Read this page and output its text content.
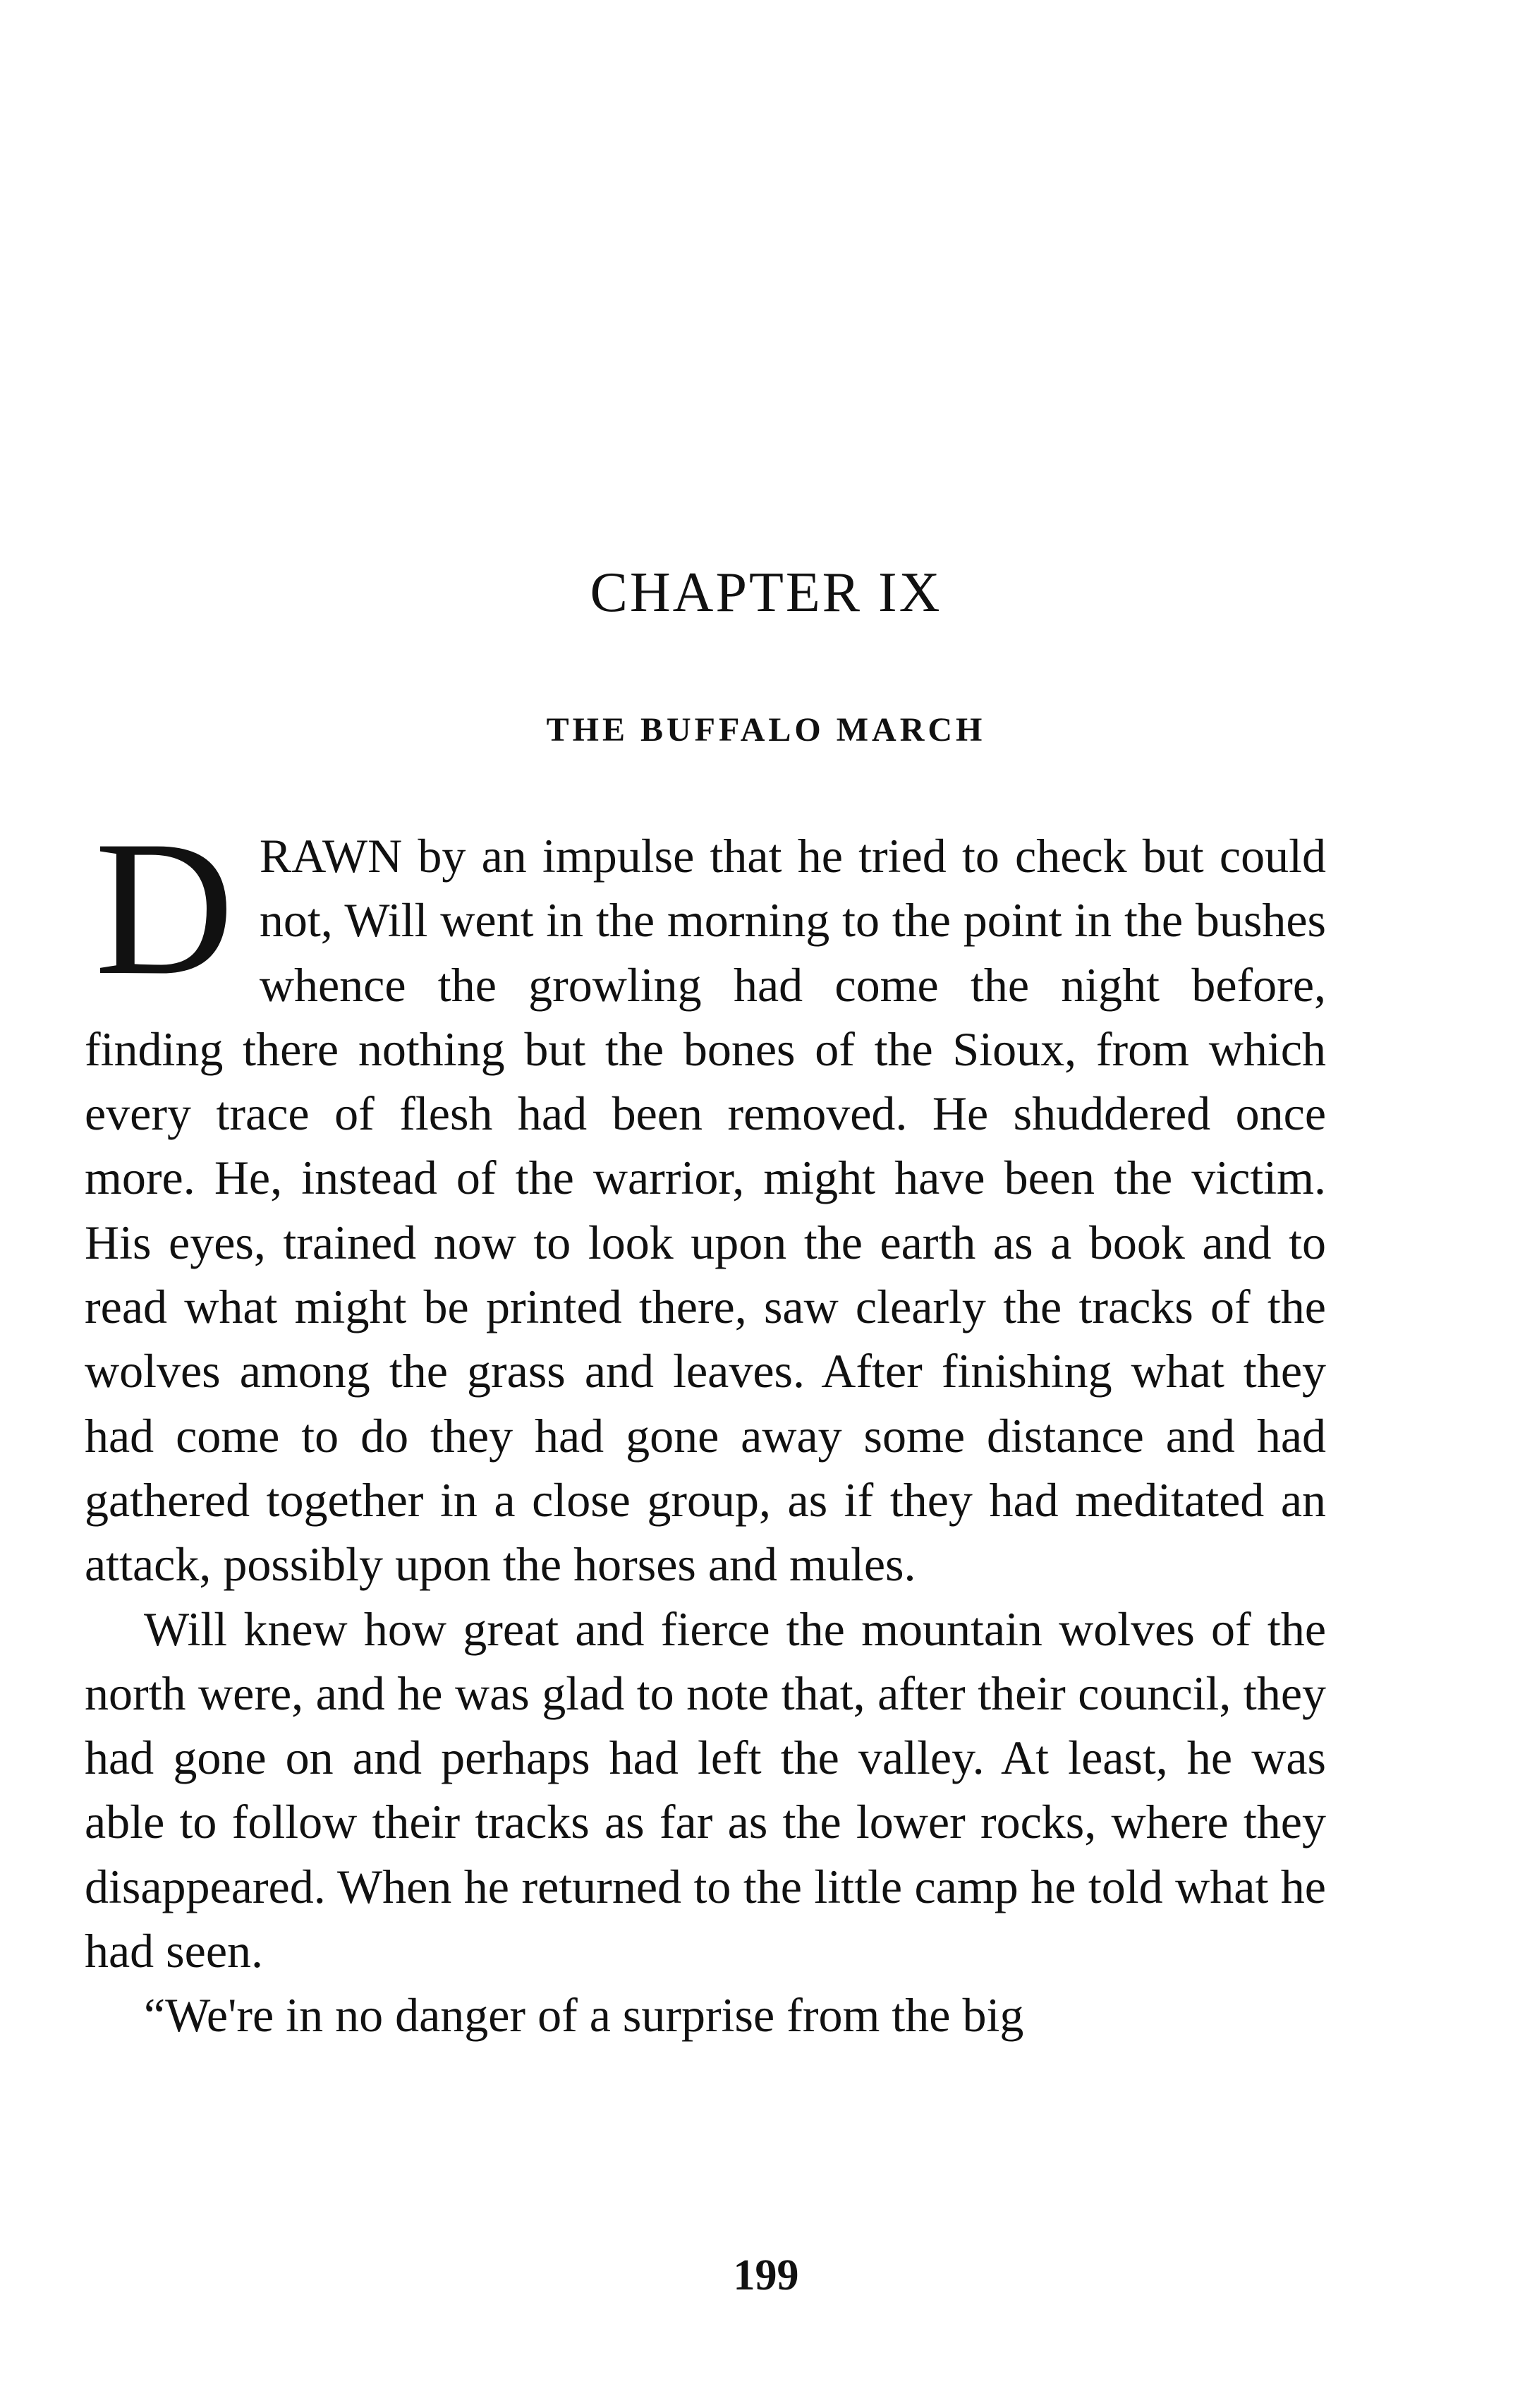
CHAPTER IX
THE BUFFALO MARCH

DRAWN by an impulse that he tried to check but could not, Will went in the morning to the point in the bushes whence the growling had come the night before, finding there nothing but the bones of the Sioux, from which every trace of flesh had been removed. He shuddered once more. He, instead of the warrior, might have been the victim. His eyes, trained now to look upon the earth as a book and to read what might be printed there, saw clearly the tracks of the wolves among the grass and leaves. After finishing what they had come to do they had gone away some distance and had gathered together in a close group, as if they had meditated an attack, possibly upon the horses and mules.

Will knew how great and fierce the mountain wolves of the north were, and he was glad to note that, after their council, they had gone on and perhaps had left the valley. At least, he was able to follow their tracks as far as the lower rocks, where they disappeared. When he returned to the little camp he told what he had seen.

“We're in no danger of a surprise from the big

199
